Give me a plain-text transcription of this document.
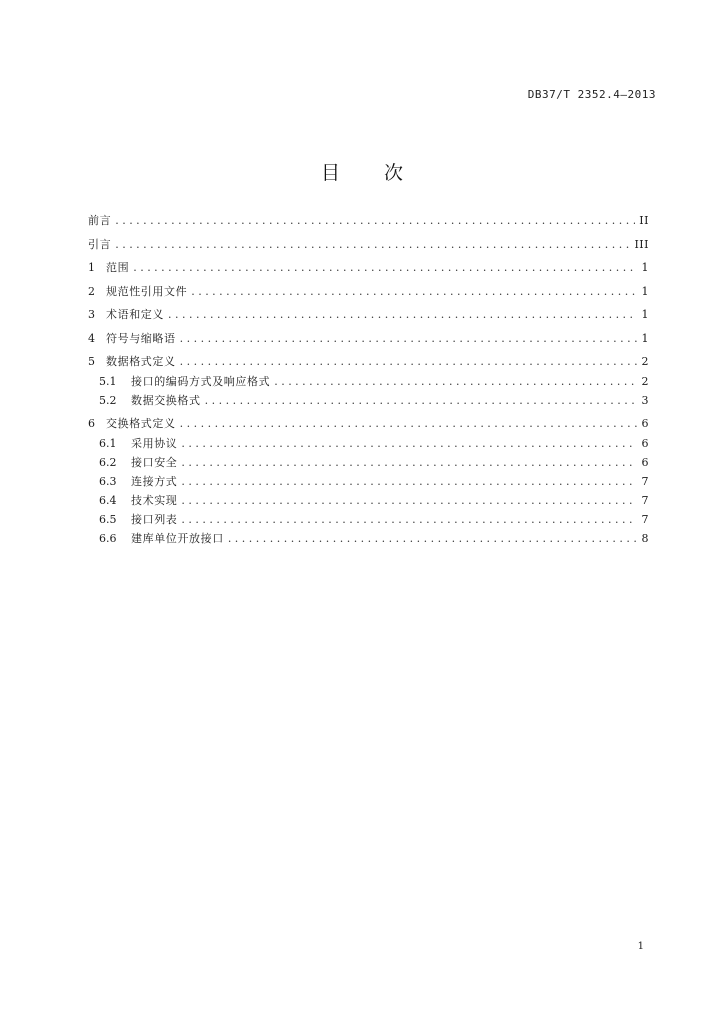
DB37/T 2352.4—2013
目 次
前言 . . .	II
引言 . . .	III
1	范围 . . .	1
2	规范性引用文件 . . .	1
3	术语和定义 . . .	1
4	符号与缩略语 . . .	1
5	数据格式定义 . . .	2
5.1	接口的编码方式及响应格式 . . .	2
5.2	数据交换格式 . . .	3
6	交换格式定义 . . .	6
6.1	采用协议 . . .	6
6.2	接口安全 . . .	6
6.3	连接方式 . . .	7
6.4	技术实现 . . .	7
6.5	接口列表 . . .	7
6.6	建库单位开放接口 . . .	8
1
